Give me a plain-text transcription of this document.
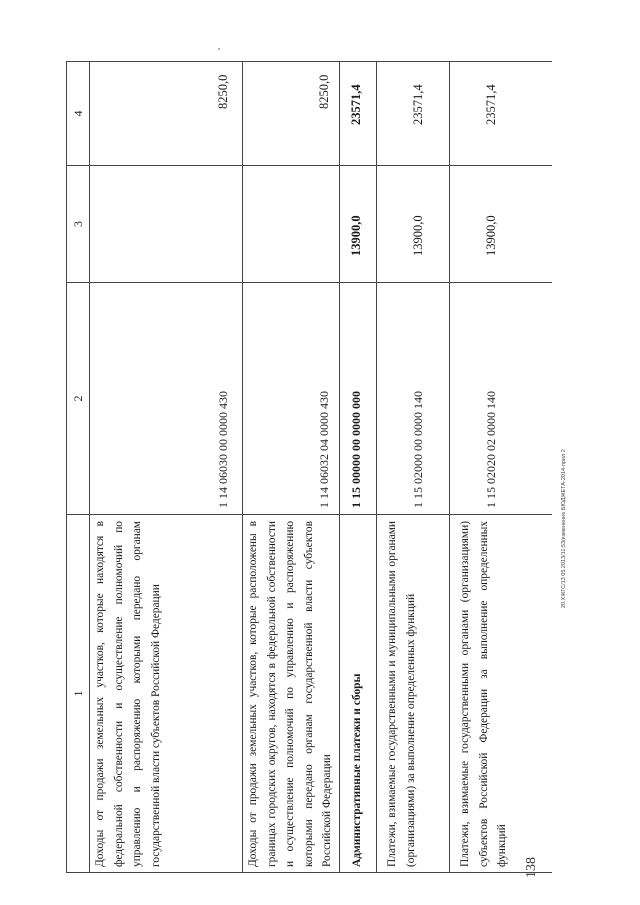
1	2	3	4

Доходы от продажи земельных участков, которые находятся в федеральной собственности и осуществление полномочий по управлению и распоряжению которыми передано органам государственной власти субъектов Российской Федерации	1 14 06030 00 0000 430		8250,0

Доходы от продажи земельных участков, которые расположены в границах городских округов, находятся в федеральной собственности и осуществление полномочий по управлению и распоряжению которыми передано органам государственной власти субъектов Российской Федерации	1 14 06032 04 0000 430		8250,0

Административные платежи и сборы	1 15 00000 00 0000 000	13900,0	23571,4

Платежи, взимаемые государственными и муниципальными органами (организациями) за выполнение определенных функций	1 15 02000 00 0000 140	13900,0	23571,4

Платежи, взимаемые государственными органами (организациями) субъектов Российской Федерации за выполнение определенных функций	1 15 02020 02 0000 140	13900,0	23571,4
138
20.ХЖГС/13 05 2013/11:53/изменение БЮДЖЕТА-2014-прил 2
